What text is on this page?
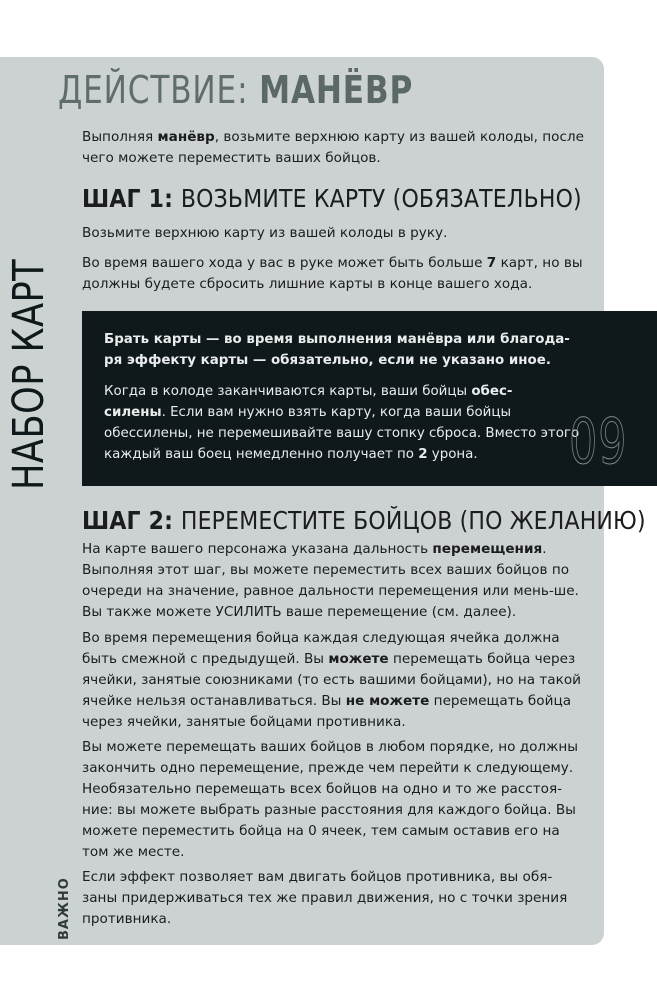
ДЕЙСТВИЕ: МАНЁВР

Выполняя манёвр, возьмите верхнюю карту из вашей колоды, после чего можете переместить ваших бойцов.

ШАГ 1: ВОЗЬМИТЕ КАРТУ (ОБЯЗАТЕЛЬНО)

Возьмите верхнюю карту из вашей колоды в руку.

Во время вашего хода у вас в руке может быть больше 7 карт, но вы должны будете сбросить лишние карты в конце вашего хода.

Брать карты — во время выполнения манёвра или благода-
ря эффекту карты — обязательно, если не указано иное.

Когда в колоде заканчиваются карты, ваши бойцы обес-
силены. Если вам нужно взять карту, когда ваши бойцы обессилены, не перемешивайте вашу стопку сброса. Вместо этого каждый ваш боец немедленно получает по 2 урона.	09
НАБОР КАРТ
ШАГ 2: ПЕРЕМЕСТИТЕ БОЙЦОВ (ПО ЖЕЛАНИЮ)

На карте вашего персонажа указана дальность перемещения. Выполняя этот шаг, вы можете переместить всех ваших бойцов по очереди на значение, равное дальности перемещения или мень-ше. Вы также можете УСИЛИТЬ ваше перемещение (см. далее).

Во время перемещения бойца каждая следующая ячейка должна быть смежной с предыдущей. Вы можете перемещать бойца через ячейки, занятые союзниками (то есть вашими бойцами), но на такой ячейке нельзя останавливаться. Вы не можете перемещать бойца через ячейки, занятые бойцами противника.

Вы можете перемещать ваших бойцов в любом порядке, но должны закончить одно перемещение, прежде чем перейти к следующему. Необязательно перемещать всех бойцов на одно и то же расстоя-ние: вы можете выбрать разные расстояния для каждого бойца. Вы можете переместить бойца на 0 ячеек, тем самым оставив его на том же месте.

Если эффект позволяет вам двигать бойцов противника, вы обя-заны придерживаться тех же правил движения, но с точки зрения противника.

ВАЖНО
